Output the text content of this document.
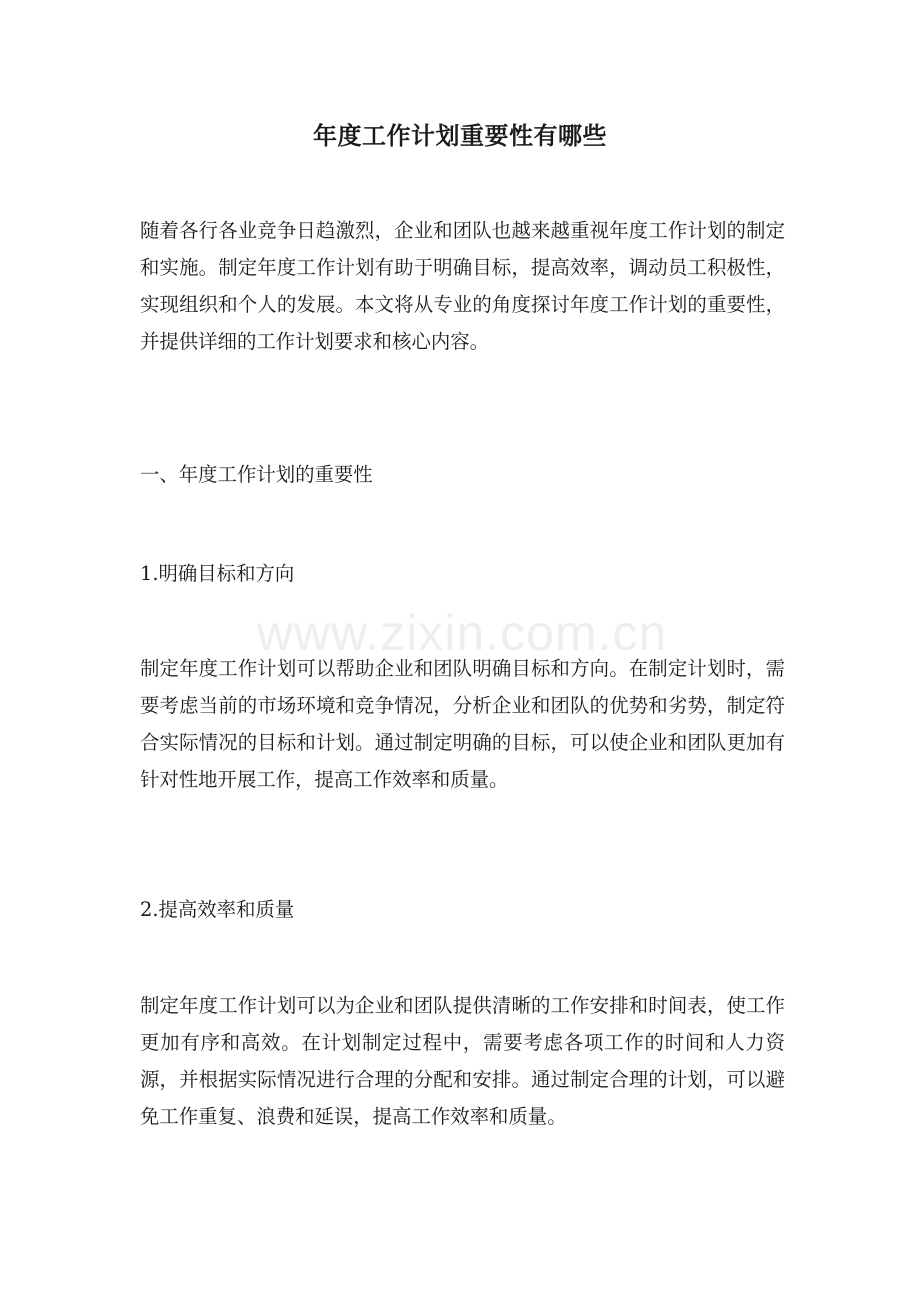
年度工作计划重要性有哪些

随着各行各业竞争日趋激烈，企业和团队也越来越重视年度工作计划的制定和实施。制定年度工作计划有助于明确目标，提高效率，调动员工积极性，实现组织和个人的发展。本文将从专业的角度探讨年度工作计划的重要性，并提供详细的工作计划要求和核心内容。

一、年度工作计划的重要性

1.明确目标和方向

制定年度工作计划可以帮助企业和团队明确目标和方向。在制定计划时，需要考虑当前的市场环境和竞争情况，分析企业和团队的优势和劣势，制定符合实际情况的目标和计划。通过制定明确的目标，可以使企业和团队更加有针对性地开展工作，提高工作效率和质量。

2.提高效率和质量

制定年度工作计划可以为企业和团队提供清晰的工作安排和时间表，使工作更加有序和高效。在计划制定过程中，需要考虑各项工作的时间和人力资源，并根据实际情况进行合理的分配和安排。通过制定合理的计划，可以避免工作重复、浪费和延误，提高工作效率和质量。

www.zixin.com.cn
